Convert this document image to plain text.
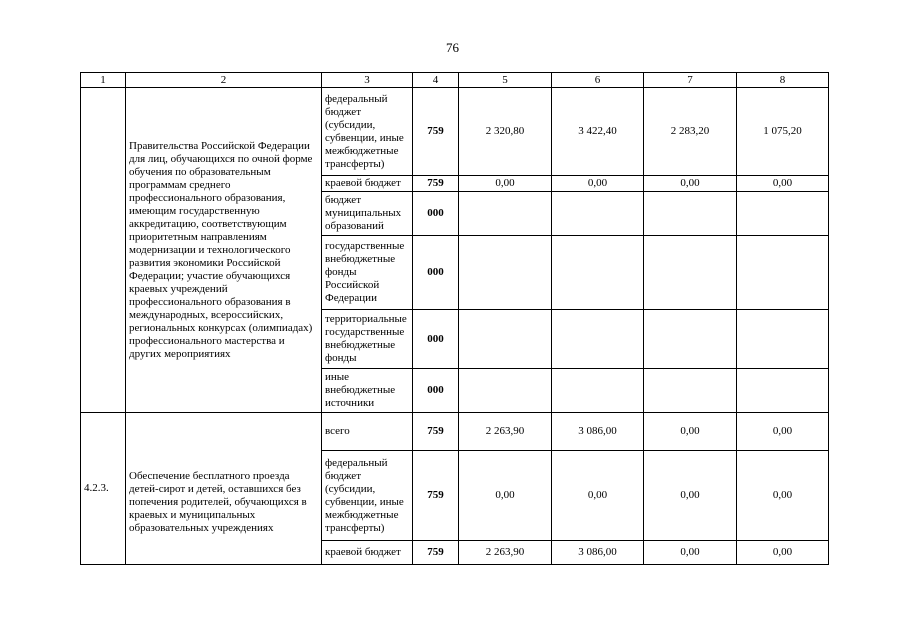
76
1	2	3	4	5	6	7	8
	Правительства Российской Федерации для лиц, обучающихся по очной форме обучения по образовательным программам среднего профессионального образования, имеющим государственную аккредитацию, соответствующим приоритетным направлениям модернизации и технологического развития экономики Российской Федерации; участие обучающихся краевых учреждений профессионального образования в международных, всероссийских, региональных конкурсах (олимпиадах) профессионального мастерства и других мероприятиях	федеральный бюджет (субсидии, субвенции, иные межбюджетные трансферты)	759	2 320,80	3 422,40	2 283,20	1 075,20
		краевой бюджет	759	0,00	0,00	0,00	0,00
		бюджет муниципальных образований	000				
		государственные внебюджетные фонды Российской Федерации	000				
		территориальные государственные внебюджетные фонды	000				
		иные внебюджетные источники	000				
4.2.3.	Обеспечение бесплатного проезда детей-сирот и детей, оставшихся без попечения родителей, обучающихся в краевых и муниципальных образовательных учреждениях	всего	759	2 263,90	3 086,00	0,00	0,00
		федеральный бюджет (субсидии, субвенции, иные межбюджетные трансферты)	759	0,00	0,00	0,00	0,00
		краевой бюджет	759	2 263,90	3 086,00	0,00	0,00
